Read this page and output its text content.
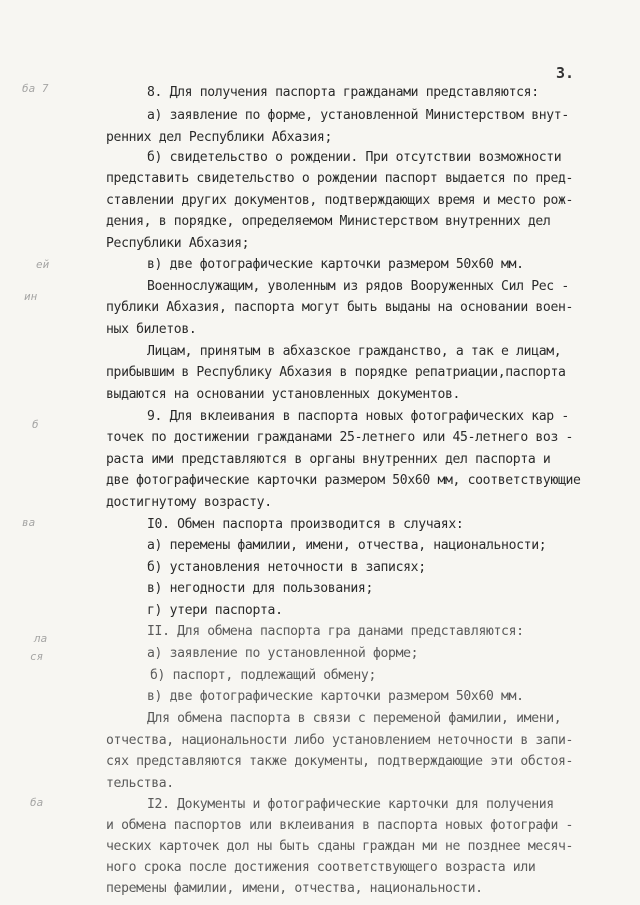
3.
ба 7
ей
ин
б
ва
ла
ся
ба
8. Для получения паспорта гражданами представляются:
а) заявление по форме, установленной Министерством внут-
ренних дел Республики Абхазия;
б) свидетельство о рождении. При отсутствии возможности
представить свидетельство о рождении паспорт выдается по пред-
ставлении других документов, подтверждающих время и место рож-
дения, в порядке, определяемом Министерством внутренних дел
Республики Абхазия;
в) две фотографические карточки размером 50х60 мм.
Военнослужащим, уволенным из рядов Вооруженных Сил Рес -
публики Абхазия, паспорта могут быть выданы на основании воен-
ных билетов.
Лицам, принятым в абхазское гражданство, а так е лицам,
прибывшим в Республику Абхазия в порядке репатриации,паспорта
выдаются на основании установленных документов.
9. Для вклеивания в паспорта новых фотографических кар -
точек по достижении гражданами 25-летнего или 45-летнего воз -
раста ими представляются в органы внутренних дел паспорта и
две фотографические карточки размером 50х60 мм, соответствующие
достигнутому возрасту.
I0. Обмен паспорта производится в случаях:
а) перемены фамилии, имени, отчества, национальности;
б) установления неточности в записях;
в) негодности для пользования;
г) утери паспорта.
II. Для обмена паспорта гра данами представляются:
а) заявление по установленной форме;
б) паспорт, подлежащий обмену;
в) две фотографические карточки размером 50х60 мм.
Для обмена паспорта в связи с переменой фамилии, имени,
отчества, национальности либо установлением неточности в запи-
сях представляются также документы, подтверждающие эти обстоя-
тельства.
I2. Документы и фотографические карточки для получения
и обмена паспортов или вклеивания в паспорта новых фотографи -
ческих карточек дол ны быть сданы граждан ми не позднее месяч-
ного срока после достижения соответствующего возраста или
перемены фамилии, имени, отчества, национальности.
